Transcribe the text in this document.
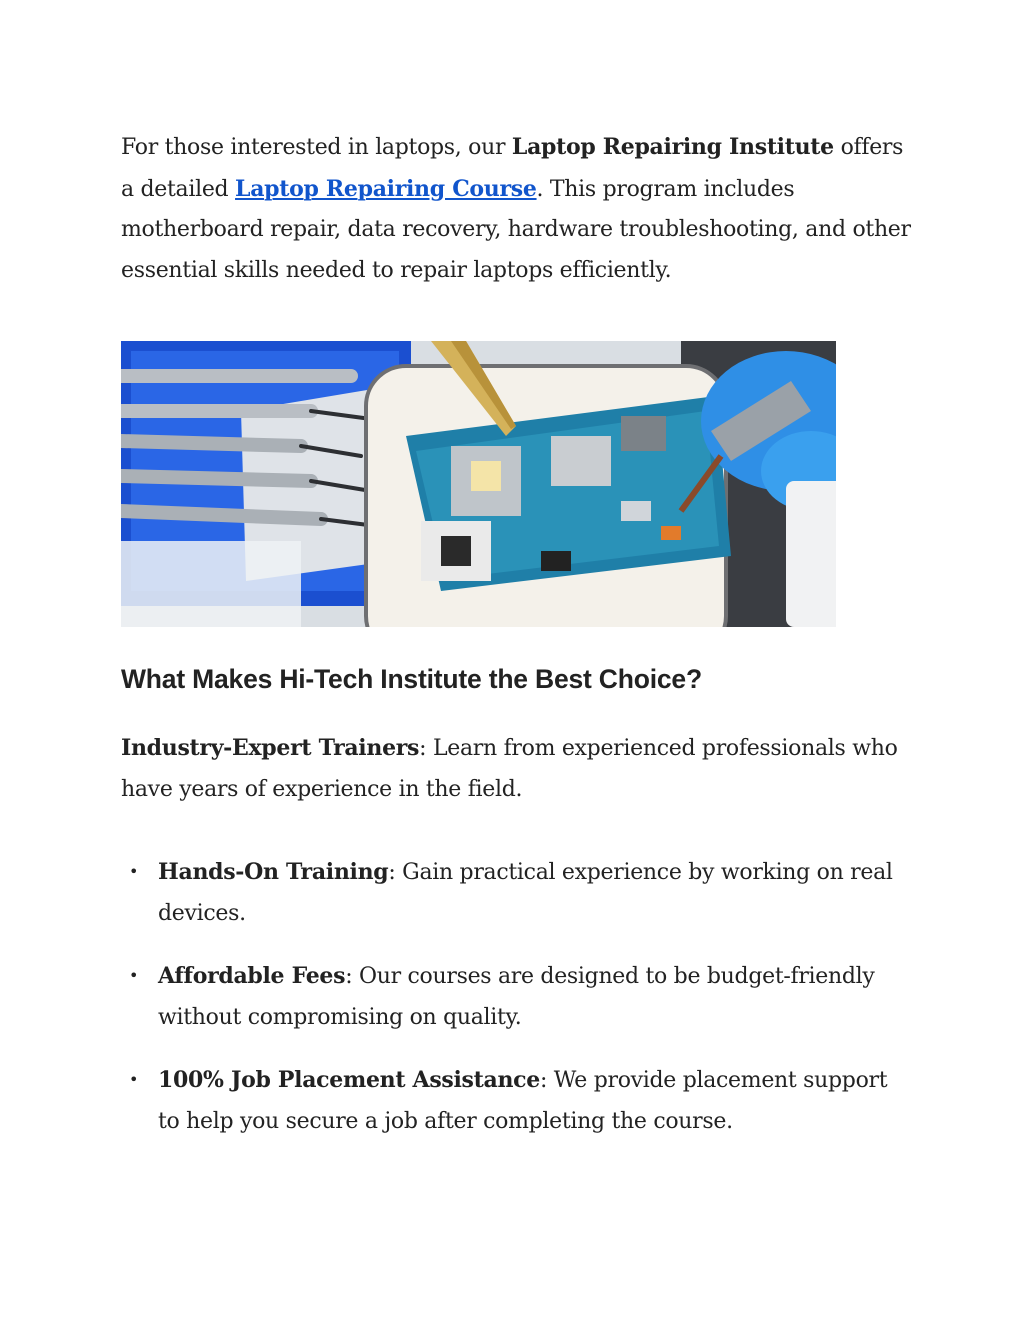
For those interested in laptops, our Laptop Repairing Institute offers a detailed Laptop Repairing Course. This program includes motherboard repair, data recovery, hardware troubleshooting, and other essential skills needed to repair laptops efficiently.

What Makes Hi-Tech Institute the Best Choice?

Industry-Expert Trainers: Learn from experienced professionals who have years of experience in the field.

• Hands-On Training: Gain practical experience by working on real devices.
• Affordable Fees: Our courses are designed to be budget-friendly without compromising on quality.
• 100% Job Placement Assistance: We provide placement support to help you secure a job after completing the course.
